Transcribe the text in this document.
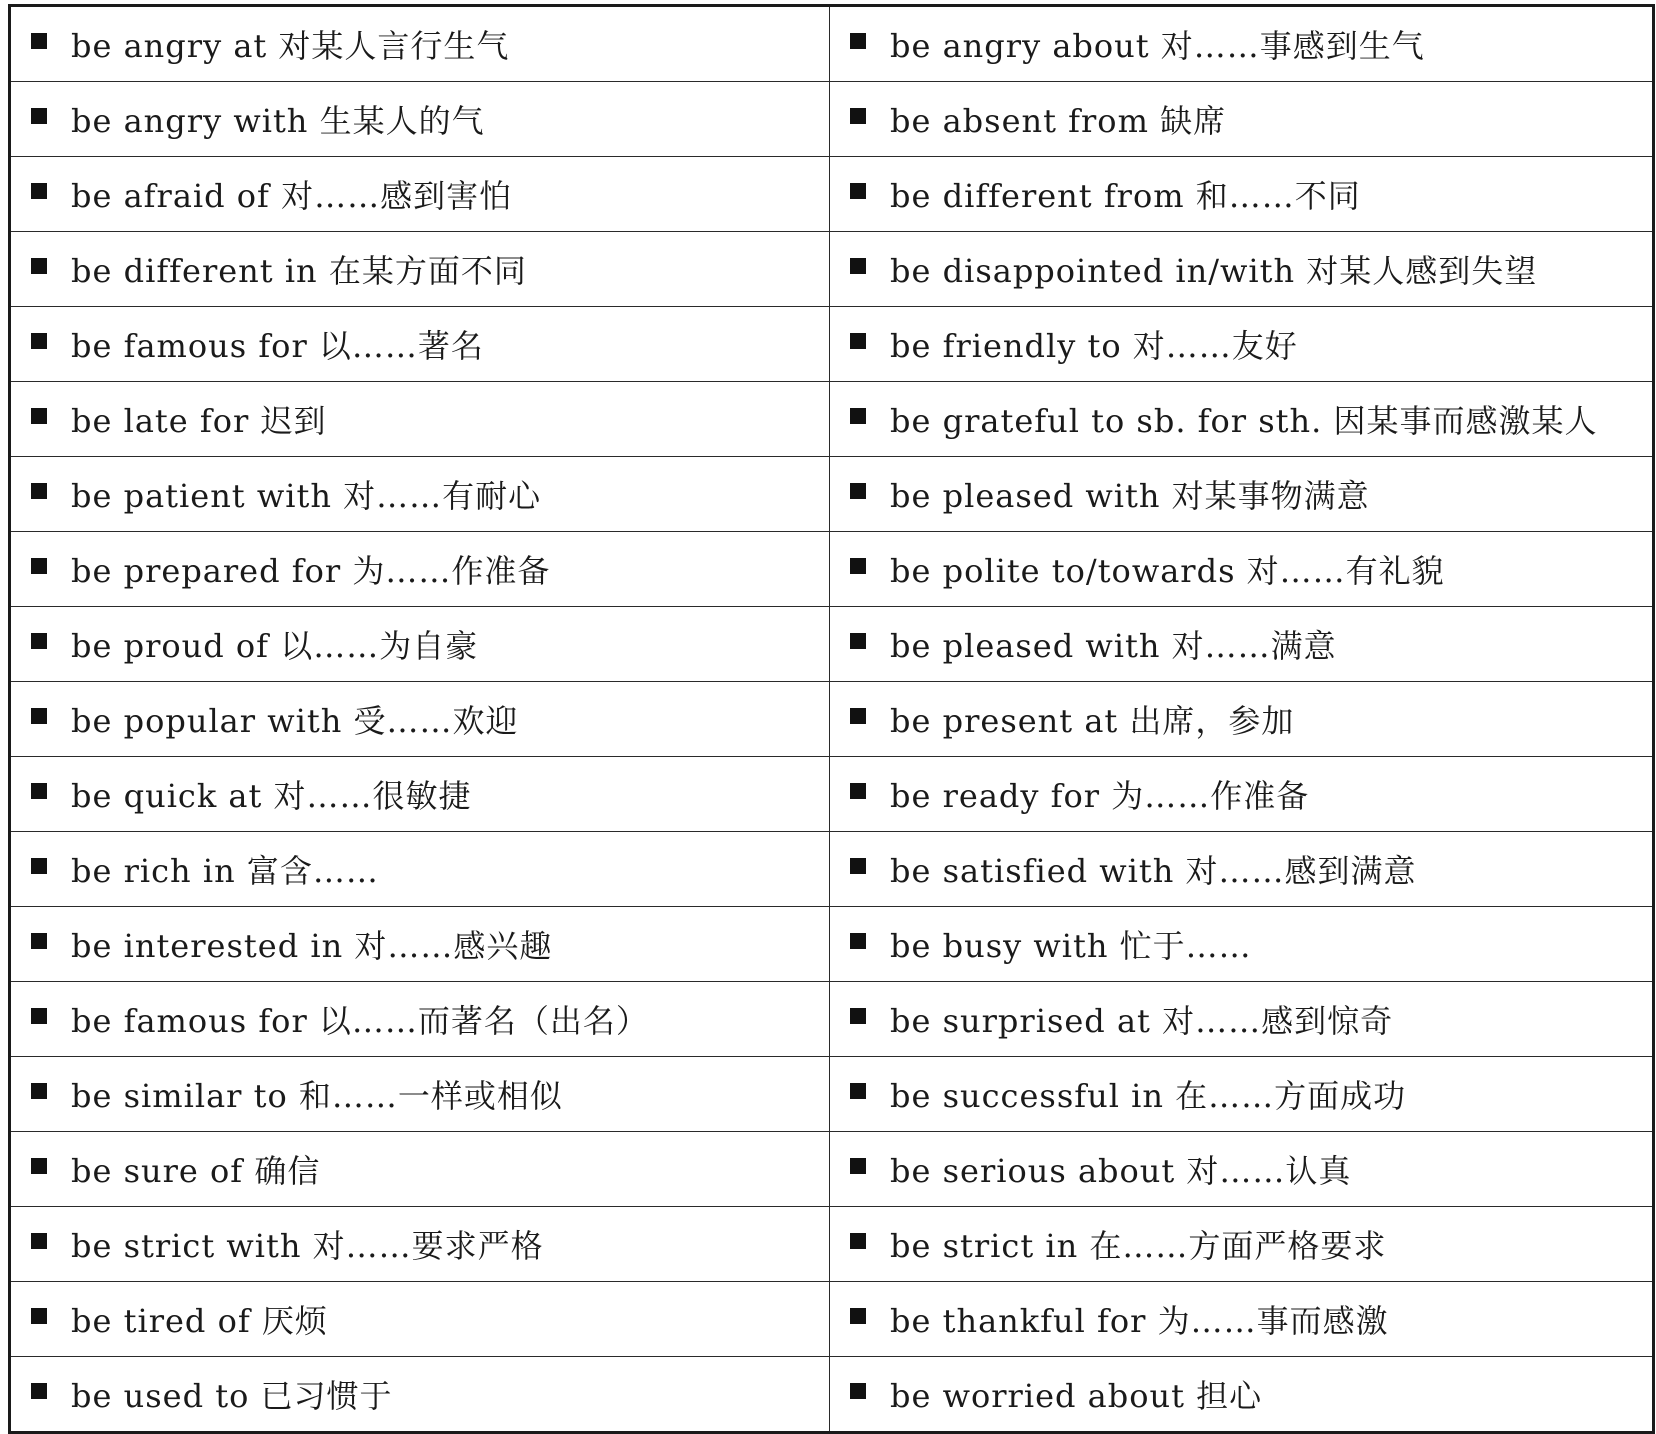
be angry at 对某人言行生气	be angry about 对……事感到生气
be angry with 生某人的气	be absent from 缺席
be afraid of 对……感到害怕	be different from 和……不同
be different in 在某方面不同	be disappointed in/with 对某人感到失望
be famous for 以……著名	be friendly to 对……友好
be late for 迟到	be grateful to sb. for sth. 因某事而感激某人
be patient with 对……有耐心	be pleased with 对某事物满意
be prepared for 为……作准备	be polite to/towards 对……有礼貌
be proud of 以……为自豪	be pleased with 对……满意
be popular with 受……欢迎	be present at 出席，参加
be quick at 对……很敏捷	be ready for 为……作准备
be rich in 富含……	be satisfied with 对……感到满意
be interested in 对……感兴趣	be busy with 忙于……
be famous for 以……而著名（出名）	be surprised at 对……感到惊奇
be similar to 和……一样或相似	be successful in 在……方面成功
be sure of 确信	be serious about 对……认真
be strict with 对……要求严格	be strict in 在……方面严格要求
be tired of 厌烦	be thankful for 为……事而感激
be used to 已习惯于	be worried about 担心
